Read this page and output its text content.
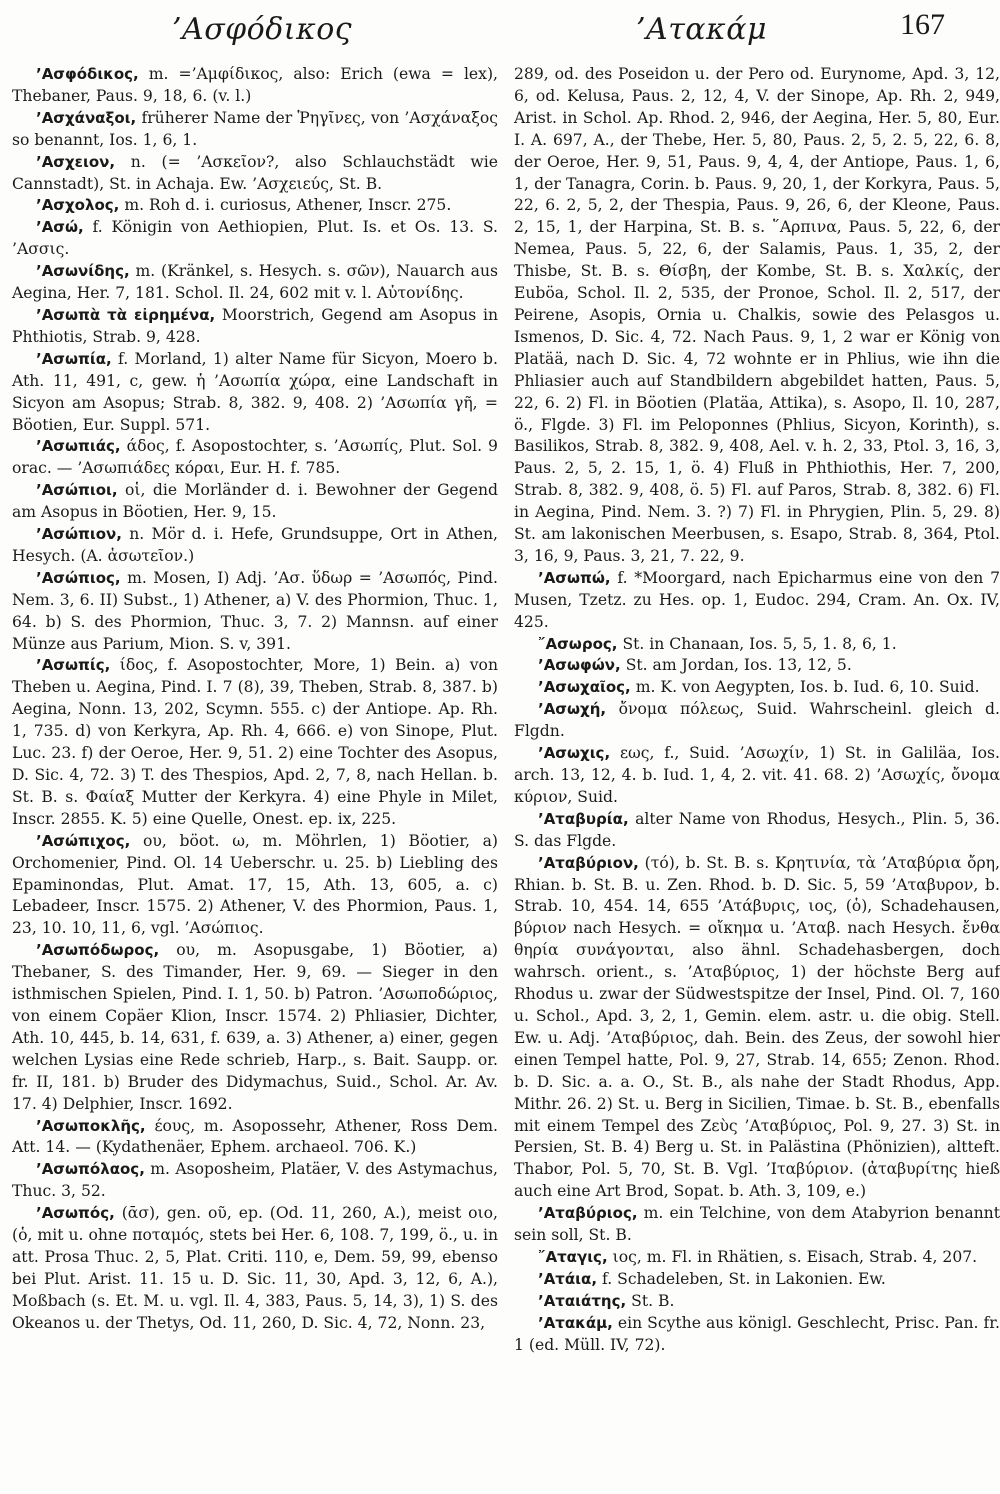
’Ασφόδικος	’Ατακάμ	167

’Ασφόδικος, m. =’Αμφίδικος, also: Erich (ewa = lex), Thebaner, Paus. 9, 18, 6. (v. l.)

’Ασχάναξοι, früherer Name der Ῥηγῖνες, von ’Ασχάναξος so benannt, Ios. 1, 6, 1.

’Ασχειον, n. (= ’Ασκεῖον?, also Schlauchstädt wie Cannstadt), St. in Achaja. Ew. ’Ασχειεύς, St. B.

’Ασχολος, m. Roh d. i. curiosus, Athener, Inscr. 275.

’Ασώ, f. Königin von Aethiopien, Plut. Is. et Os. 13. S. ’Ασσις.

’Ασωνίδης, m. (Kränkel, s. Hesych. s. σῶν), Nauarch aus Aegina, Her. 7, 181. Schol. Il. 24, 602 mit v. l. Αὐτονίδης.

’Ασωπὰ τὰ εἰρημένα, Moorstrich, Gegend am Asopus in Phthiotis, Strab. 9, 428.

’Ασωπία, f. Morland, 1) alter Name für Sicyon, Moero b. Ath. 11, 491, c, gew. ἡ ’Ασωπία χώρα, eine Landschaft in Sicyon am Asopus; Strab. 8, 382. 9, 408. 2) ’Ασωπία γῆ, = Böotien, Eur. Suppl. 571.

’Ασωπιάς, άδος, f. Asopostochter, s. ’Ασωπίς, Plut. Sol. 9 orac. — ’Ασωπιάδες κόραι, Eur. H. f. 785.

’Ασώπιοι, οἱ, die Morländer d. i. Bewohner der Gegend am Asopus in Böotien, Her. 9, 15.

’Ασώπιον, n. Mör d. i. Hefe, Grundsuppe, Ort in Athen, Hesych. (A. ἀσωτεῖον.)

’Ασώπιος, m. Mosen, I) Adj. ’Ασ. ὕδωρ = ’Ασωπός, Pind. Nem. 3, 6. II) Subst., 1) Athener, a) V. des Phormion, Thuc. 1, 64. b) S. des Phormion, Thuc. 3, 7. 2) Mannsn. auf einer Münze aus Parium, Mion. S. v, 391.

’Ασωπίς, ίδος, f. Asopostochter, More, 1) Bein. a) von Theben u. Aegina, Pind. I. 7 (8), 39, Theben, Strab. 8, 387. b) Aegina, Nonn. 13, 202, Scymn. 555. c) der Antiope. Ap. Rh. 1, 735. d) von Kerkyra, Ap. Rh. 4, 666. e) von Sinope, Plut. Luc. 23. f) der Oeroe, Her. 9, 51. 2) eine Tochter des Asopus, D. Sic. 4, 72. 3) T. des Thespios, Apd. 2, 7, 8, nach Hellan. b. St. B. s. Φαίαξ Mutter der Kerkyra. 4) eine Phyle in Milet, Inscr. 2855. K. 5) eine Quelle, Onest. ep. ix, 225.

’Ασώπιχος, ου, böot. ω, m. Möhrlen, 1) Böotier, a) Orchomenier, Pind. Ol. 14 Ueberschr. u. 25. b) Liebling des Epaminondas, Plut. Amat. 17, 15, Ath. 13, 605, a. c) Lebadeer, Inscr. 1575. 2) Athener, V. des Phormion, Paus. 1, 23, 10. 10, 11, 6, vgl. ’Ασώπιος.

’Ασωπόδωρος, ου, m. Asopusgabe, 1) Böotier, a) Thebaner, S. des Timander, Her. 9, 69. — Sieger in den isthmischen Spielen, Pind. I. 1, 50. b) Patron. ’Ασωποδώριος, von einem Copäer Klion, Inscr. 1574. 2) Phliasier, Dichter, Ath. 10, 445, b. 14, 631, f. 639, a. 3) Athener, a) einer, gegen welchen Lysias eine Rede schrieb, Harp., s. Bait. Saupp. or. fr. II, 181. b) Bruder des Didymachus, Suid., Schol. Ar. Av. 17. 4) Delphier, Inscr. 1692.

’Ασωποκλῆς, έους, m. Asopossehr, Athener, Ross Dem. Att. 14. — (Kydathenäer, Ephem. archaeol. 706. K.)

’Ασωπόλαος, m. Asoposheim, Platäer, V. des Astymachus, Thuc. 3, 52.

’Ασωπός, (ᾱσ), gen. οῦ, ep. (Od. 11, 260, A.), meist οιο, (ὁ, mit u. ohne ποταμός, stets bei Her. 6, 108. 7, 199, ö., u. in att. Prosa Thuc. 2, 5, Plat. Criti. 110, e, Dem. 59, 99, ebenso bei Plut. Arist. 11. 15 u. D. Sic. 11, 30, Apd. 3, 12, 6, A.), Moßbach (s. Et. M. u. vgl. Il. 4, 383, Paus. 5, 14, 3), 1) S. des Okeanos u. der Thetys, Od. 11, 260, D. Sic. 4, 72, Nonn. 23,

289, od. des Poseidon u. der Pero od. Eurynome, Apd. 3, 12, 6, od. Kelusa, Paus. 2, 12, 4, V. der Sinope, Ap. Rh. 2, 949, Arist. in Schol. Ap. Rhod. 2, 946, der Aegina, Her. 5, 80, Eur. I. A. 697, A., der Thebe, Her. 5, 80, Paus. 2, 5, 2. 5, 22, 6. 8, der Oeroe, Her. 9, 51, Paus. 9, 4, 4, der Antiope, Paus. 1, 6, 1, der Tanagra, Corin. b. Paus. 9, 20, 1, der Korkyra, Paus. 5, 22, 6. 2, 5, 2, der Thespia, Paus. 9, 26, 6, der Kleone, Paus. 2, 15, 1, der Harpina, St. B. s. ῞Αρπινα, Paus. 5, 22, 6, der Nemea, Paus. 5, 22, 6, der Salamis, Paus. 1, 35, 2, der Thisbe, St. B. s. Θίσβη, der Kombe, St. B. s. Χαλκίς, der Euböa, Schol. Il. 2, 535, der Pronoe, Schol. Il. 2, 517, der Peirene, Asopis, Ornia u. Chalkis, sowie des Pelasgos u. Ismenos, D. Sic. 4, 72. Nach Paus. 9, 1, 2 war er König von Platää, nach D. Sic. 4, 72 wohnte er in Phlius, wie ihn die Phliasier auch auf Standbildern abgebildet hatten, Paus. 5, 22, 6. 2) Fl. in Böotien (Platäa, Attika), s. Asopo, Il. 10, 287, ö., Flgde. 3) Fl. im Peloponnes (Phlius, Sicyon, Korinth), s. Basilikos, Strab. 8, 382. 9, 408, Ael. v. h. 2, 33, Ptol. 3, 16, 3, Paus. 2, 5, 2. 15, 1, ö. 4) Fluß in Phthiothis, Her. 7, 200, Strab. 8, 382. 9, 408, ö. 5) Fl. auf Paros, Strab. 8, 382. 6) Fl. in Aegina, Pind. Nem. 3. ?) 7) Fl. in Phrygien, Plin. 5, 29. 8) St. am lakonischen Meerbusen, s. Esapo, Strab. 8, 364, Ptol. 3, 16, 9, Paus. 3, 21, 7. 22, 9.

’Ασωπώ, f. *Moorgard, nach Epicharmus eine von den 7 Musen, Tzetz. zu Hes. op. 1, Eudoc. 294, Cram. An. Ox. IV, 425.

῎Ασωρος, St. in Chanaan, Ios. 5, 5, 1. 8, 6, 1.

’Ασωφών, St. am Jordan, Ios. 13, 12, 5.

’Ασωχαῖος, m. K. von Aegypten, Ios. b. Iud. 6, 10. Suid.

’Ασωχή, ὄνομα πόλεως, Suid. Wahrscheinl. gleich d. Flgdn.

’Ασωχις, εως, f., Suid. ’Ασωχίν, 1) St. in Galiläa, Ios. arch. 13, 12, 4. b. Iud. 1, 4, 2. vit. 41. 68. 2) ’Ασωχίς, ὄνομα κύριον, Suid.

’Αταβυρία, alter Name von Rhodus, Hesych., Plin. 5, 36. S. das Flgde.

’Αταβύριον, (τό), b. St. B. s. Κρητινία, τὰ ’Αταβύρια ὄρη, Rhian. b. St. B. u. Zen. Rhod. b. D. Sic. 5, 59 ’Αταβυρον, b. Strab. 10, 454. 14, 655 ’Ατάβυρις, ιος, (ὁ), Schadehausen, βύριον nach Hesych. = οἴκημα u. ’Αταβ. nach Hesych. ἔνθα θηρία συνάγονται, also ähnl. Schadehasbergen, doch wahrsch. orient., s. ’Αταβύριος, 1) der höchste Berg auf Rhodus u. zwar der Südwestspitze der Insel, Pind. Ol. 7, 160 u. Schol., Apd. 3, 2, 1, Gemin. elem. astr. u. die obig. Stell. Ew. u. Adj. ’Αταβύριος, dah. Bein. des Zeus, der sowohl hier einen Tempel hatte, Pol. 9, 27, Strab. 14, 655; Zenon. Rhod. b. D. Sic. a. a. O., St. B., als nahe der Stadt Rhodus, App. Mithr. 26. 2) St. u. Berg in Sicilien, Timae. b. St. B., ebenfalls mit einem Tempel des Ζεὺς ’Αταβύριος, Pol. 9, 27. 3) St. in Persien, St. B. 4) Berg u. St. in Palästina (Phönizien), altteft. Thabor, Pol. 5, 70, St. B. Vgl. ’Ιταβύριον. (ἀταβυρίτης hieß auch eine Art Brod, Sopat. b. Ath. 3, 109, e.)

’Αταβύριος, m. ein Telchine, von dem Atabyrion benannt sein soll, St. B.

῎Αταγις, ιος, m. Fl. in Rhätien, s. Eisach, Strab. 4, 207.

’Ατάια, f. Schadeleben, St. in Lakonien. Ew.

’Αταιάτης, St. B.

’Ατακάμ, ein Scythe aus königl. Geschlecht, Prisc. Pan. fr. 1 (ed. Müll. IV, 72).
